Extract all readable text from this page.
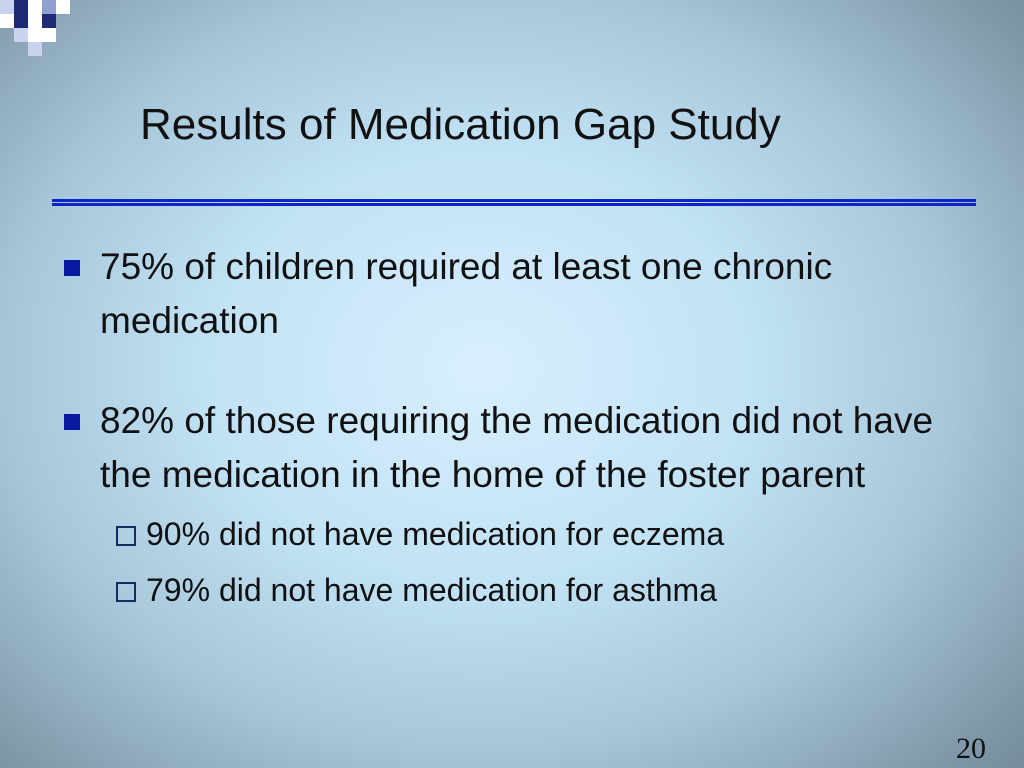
Results of Medication Gap Study
75% of children required at least one chronic medication
82% of those requiring the medication did not have the medication in the home of the foster parent
90% did not have medication for eczema
79% did not have medication for asthma
20
